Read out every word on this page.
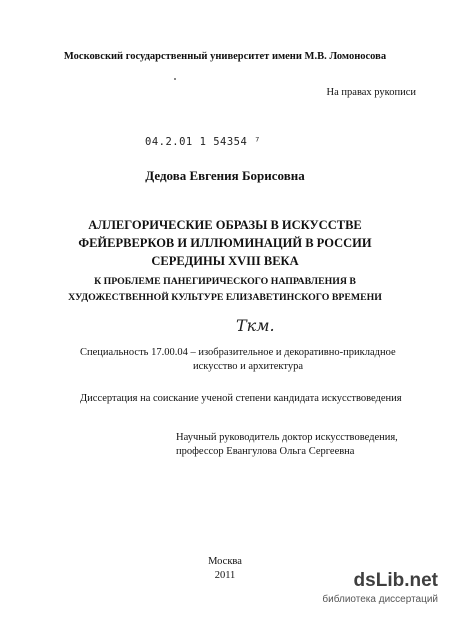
Московский государственный университет имени М.В. Ломоносова
На правах рукописи
04.2.01 1 54354 ⁷
Дедова Евгения Борисовна
АЛЛЕГОРИЧЕСКИЕ ОБРАЗЫ В ИСКУССТВЕ
ФЕЙЕРВЕРКОВ И ИЛЛЮМИНАЦИЙ В РОССИИ
СЕРЕДИНЫ XVIII ВЕКА
К ПРОБЛЕМЕ ПАНЕГИРИЧЕСКОГО НАПРАВЛЕНИЯ В
ХУДОЖЕСТВЕННОЙ КУЛЬТУРЕ ЕЛИЗАВЕТИНСКОГО ВРЕМЕНИ
Ткм.
Специальность 17.00.04 – изобразительное и декоративно-прикладное
искусство и архитектура
Диссертация на соискание ученой степени кандидата искусствоведения
Научный руководитель доктор искусствоведения,
профессор Евангулова Ольга Сергеевна
Москва
2011	dsLib.net
библиотека диссертаций
